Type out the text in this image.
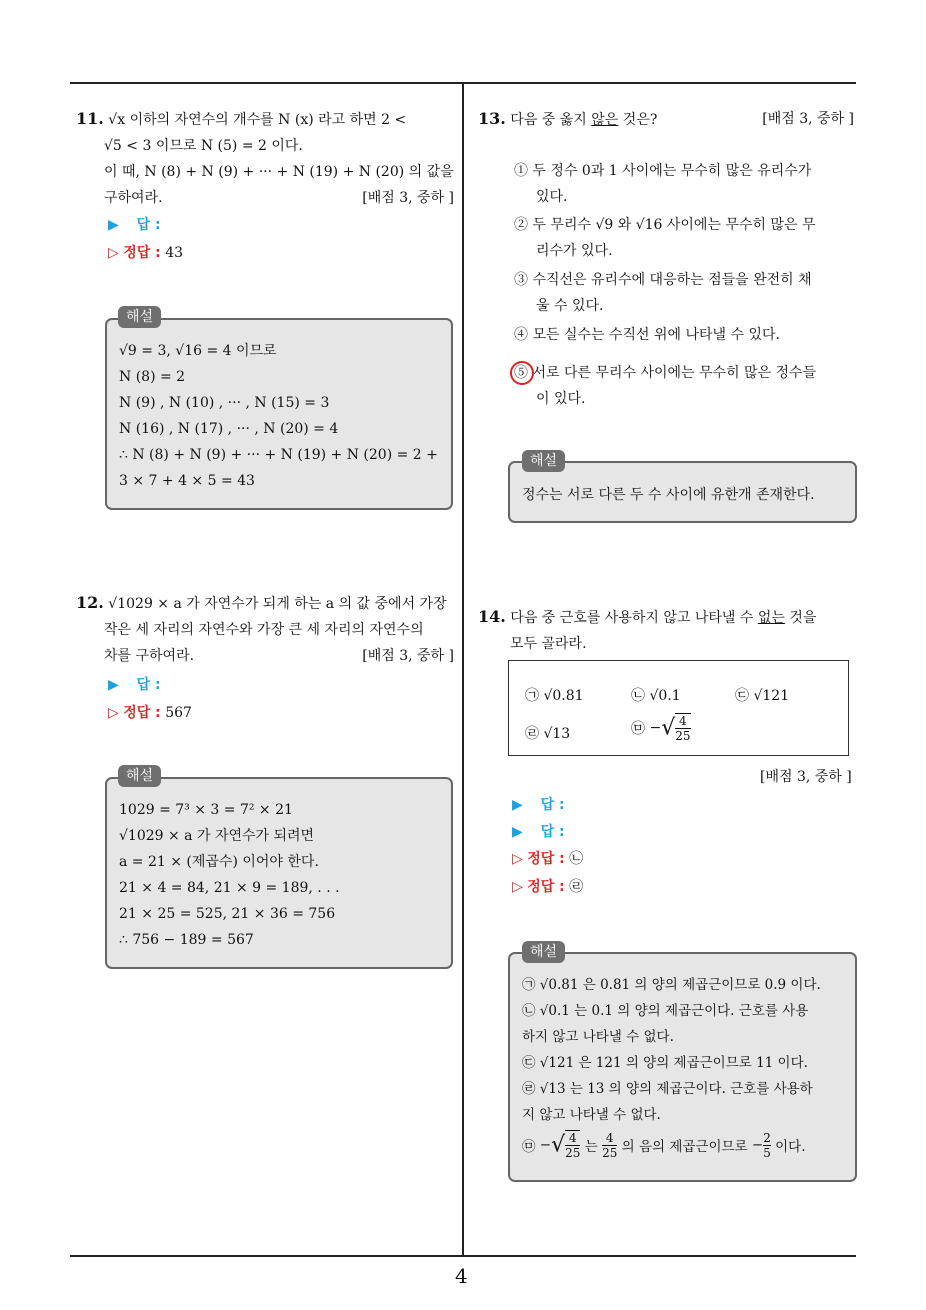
4
11. √x 이하의 자연수의 개수를 N (x) 라고 하면 2 <
√5 < 3 이므로 N (5) = 2 이다.
이 때, N (8) + N (9) + ··· + N (19) + N (20) 의 값을
구하여라.	[배점 3, 중하 ]
▶ 답 :
▷ 정답 : 43
√9 = 3, √16 = 4 이므로
N (8) = 2
N (9) , N (10) , ··· , N (15) = 3
N (16) , N (17) , ··· , N (20) = 4
∴ N (8) + N (9) + ··· + N (19) + N (20) = 2 +
3 × 7 + 4 × 5 = 43
해설
12. √1029 × a 가 자연수가 되게 하는 a 의 값 중에서 가장
작은 세 자리의 자연수와 가장 큰 세 자리의 자연수의
차를 구하여라.	[배점 3, 중하 ]
▶ 답 :
▷ 정답 : 567
1029 = 7³ × 3 = 7² × 21
√1029 × a 가 자연수가 되려면
a = 21 × (제곱수) 이어야 한다.
21 × 4 = 84, 21 × 9 = 189, . . .
21 × 25 = 525, 21 × 36 = 756
∴ 756 − 189 = 567
해설
13. 다음 중 옳지 않은 것은?	[배점 3, 중하 ]
① 두 정수 0과 1 사이에는 무수히 많은 유리수가
있다.
② 두 무리수 √9 와 √16 사이에는 무수히 많은 무
리수가 있다.
③ 수직선은 유리수에 대응하는 점들을 완전히 채
울 수 있다.
④ 모든 실수는 수직선 위에 나타낼 수 있다.
⑤ 서로 다른 무리수 사이에는 무수히 많은 정수들
이 있다.
정수는 서로 다른 두 수 사이에 유한개 존재한다.
해설
14. 다음 중 근호를 사용하지 않고 나타낼 수 없는 것을
모두 골라라.
㉠ √0.81	㉡ √0.1	㉢ √121
㉣ √13	㉤ −√ $\frac{4}{25}$
[배점 3, 중하 ]
▶ 답 :
▶ 답 :
▷ 정답 : ㉡
▷ 정답 : ㉣
㉠ √0.81 은 0.81 의 양의 제곱근이므로 0.9 이다.
㉡ √0.1 는 0.1 의 양의 제곱근이다. 근호를 사용
하지 않고 나타낼 수 없다.
㉢ √121 은 121 의 양의 제곱근이므로 11 이다.
㉣ √13 는 13 의 양의 제곱근이다. 근호를 사용하
지 않고 나타낼 수 없다.
㉤ −√ $\frac{4}{25}$ 는 $\frac{4}{25}$ 의 음의 제곱근이므로 − $\frac{2}{5}$ 이다.
해설
